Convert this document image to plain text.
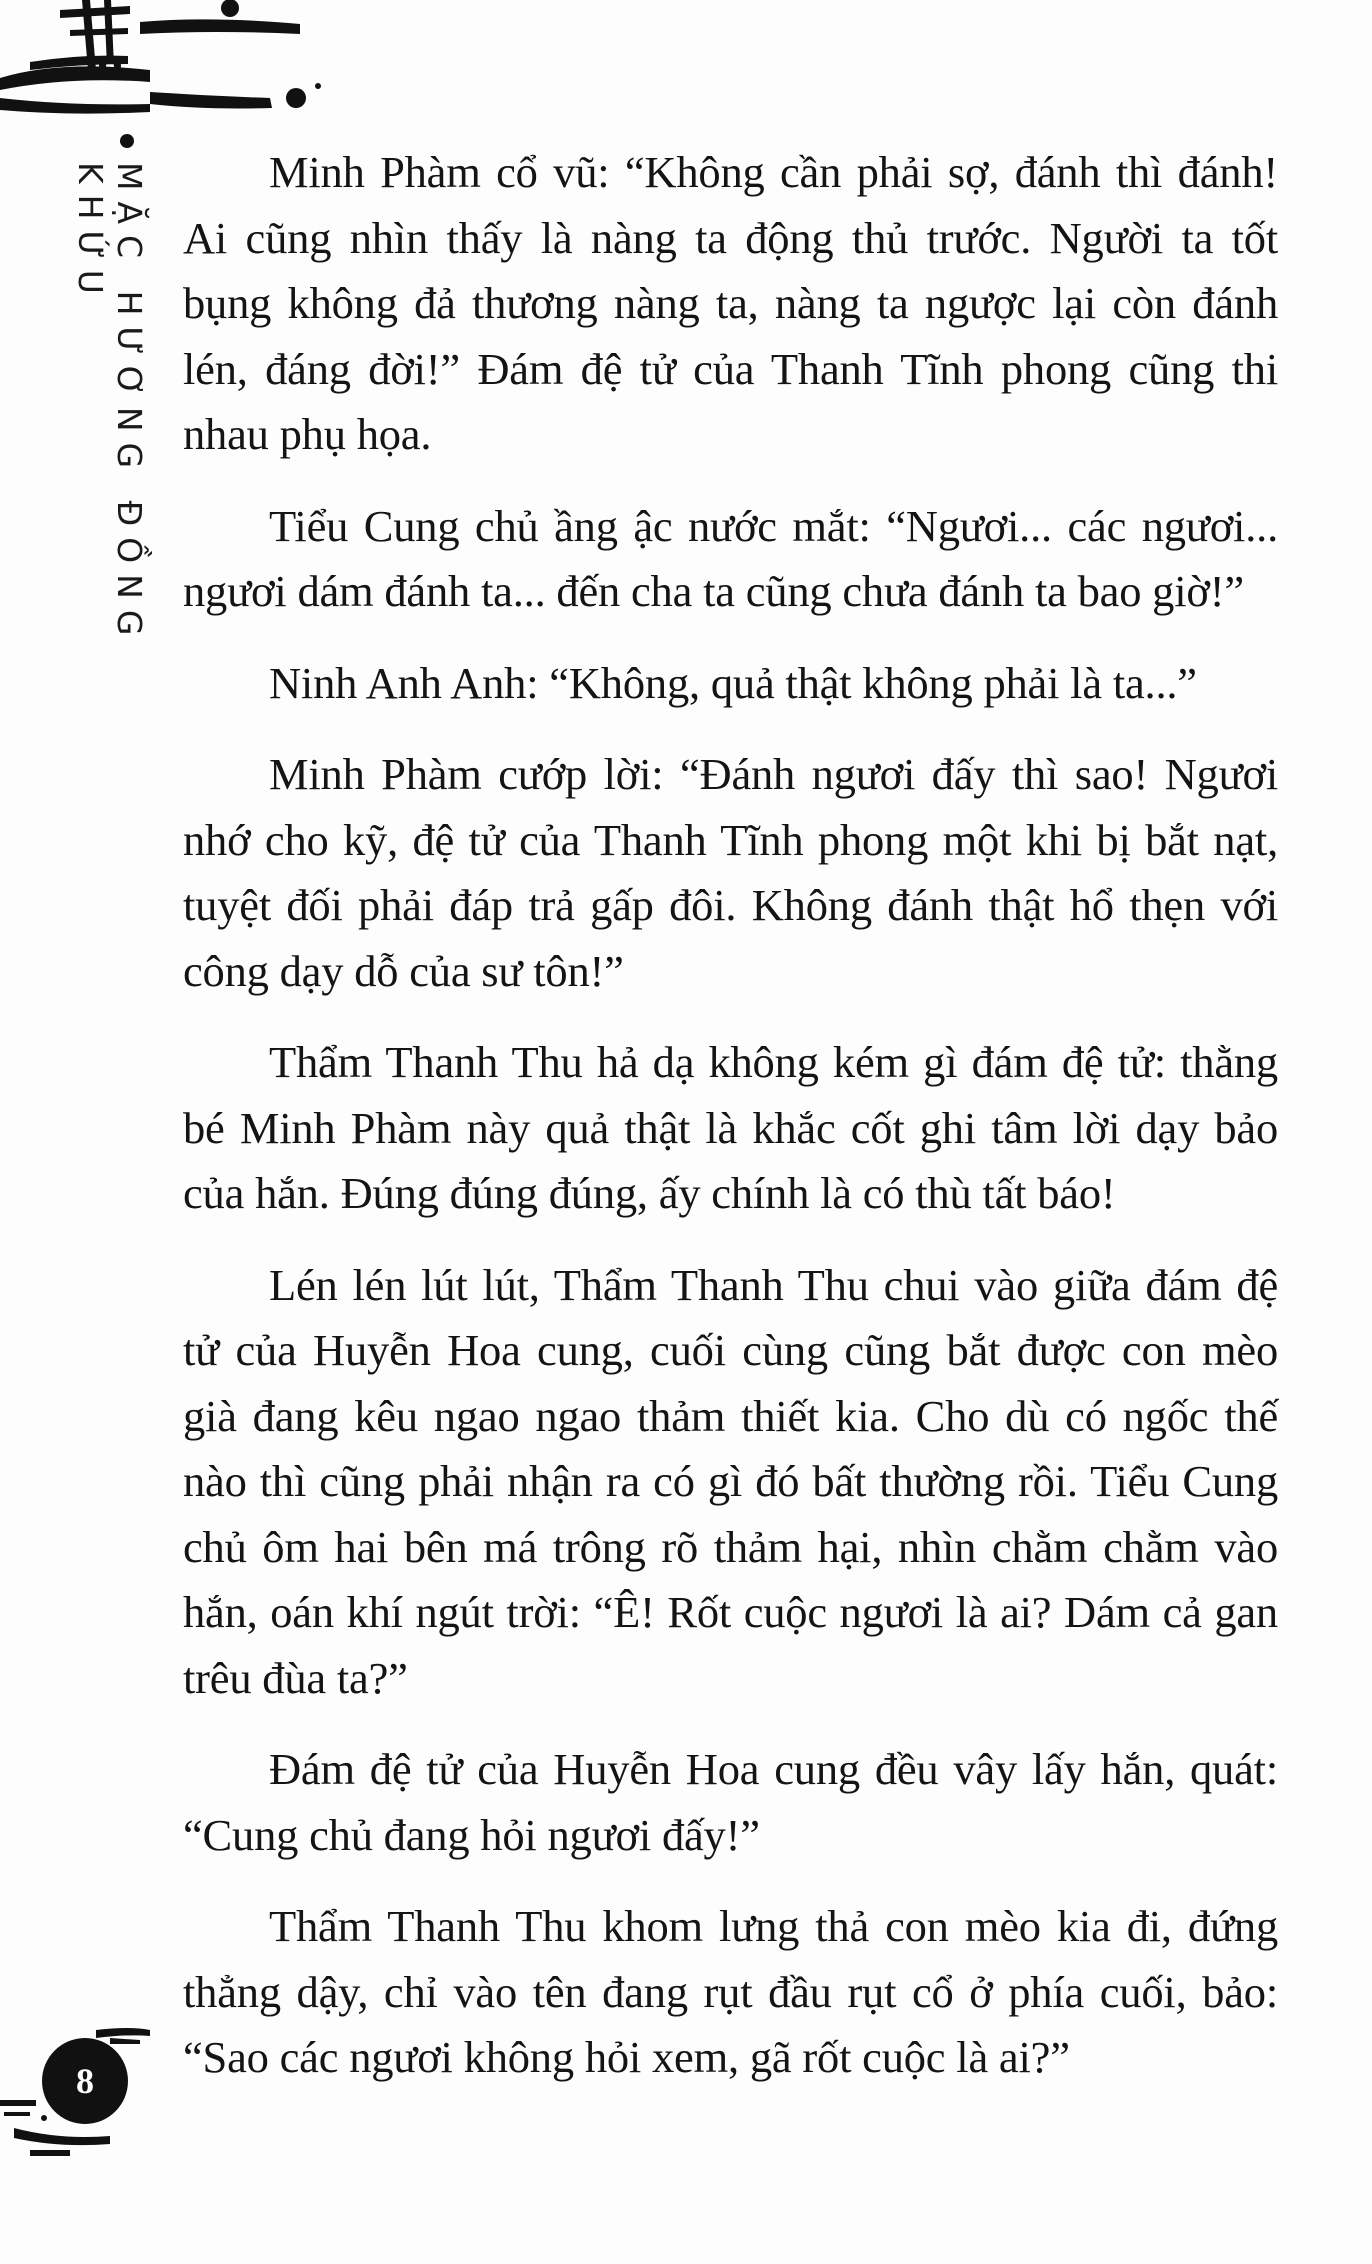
MẶC HƯƠNG ĐỒNG KHỨU	Minh Phàm cổ vũ: “Không cần phải sợ, đánh thì đánh! Ai cũng nhìn thấy là nàng ta động thủ trước. Người ta tốt bụng không đả thương nàng ta, nàng ta ngược lại còn đánh lén, đáng đời!” Đám đệ tử của Thanh Tĩnh phong cũng thi nhau phụ họa.

Tiểu Cung chủ ầng ậc nước mắt: “Ngươi... các ngươi... ngươi dám đánh ta... đến cha ta cũng chưa đánh ta bao giờ!”

Ninh Anh Anh: “Không, quả thật không phải là ta...”

Minh Phàm cướp lời: “Đánh ngươi đấy thì sao! Ngươi nhớ cho kỹ, đệ tử của Thanh Tĩnh phong một khi bị bắt nạt, tuyệt đối phải đáp trả gấp đôi. Không đánh thật hổ thẹn với công dạy dỗ của sư tôn!”

Thẩm Thanh Thu hả dạ không kém gì đám đệ tử: thằng bé Minh Phàm này quả thật là khắc cốt ghi tâm lời dạy bảo của hắn. Đúng đúng đúng, ấy chính là có thù tất báo!

Lén lén lút lút, Thẩm Thanh Thu chui vào giữa đám đệ tử của Huyễn Hoa cung, cuối cùng cũng bắt được con mèo già đang kêu ngao ngao thảm thiết kia. Cho dù có ngốc thế nào thì cũng phải nhận ra có gì đó bất thường rồi. Tiểu Cung chủ ôm hai bên má trông rõ thảm hại, nhìn chằm chằm vào hắn, oán khí ngút trời: “Ê! Rốt cuộc ngươi là ai? Dám cả gan trêu đùa ta?”

Đám đệ tử của Huyễn Hoa cung đều vây lấy hắn, quát: “Cung chủ đang hỏi ngươi đấy!”

Thẩm Thanh Thu khom lưng thả con mèo kia đi, đứng thẳng dậy, chỉ vào tên đang rụt đầu rụt cổ ở phía cuối, bảo: “Sao các ngươi không hỏi xem, gã rốt cuộc là ai?”

8
